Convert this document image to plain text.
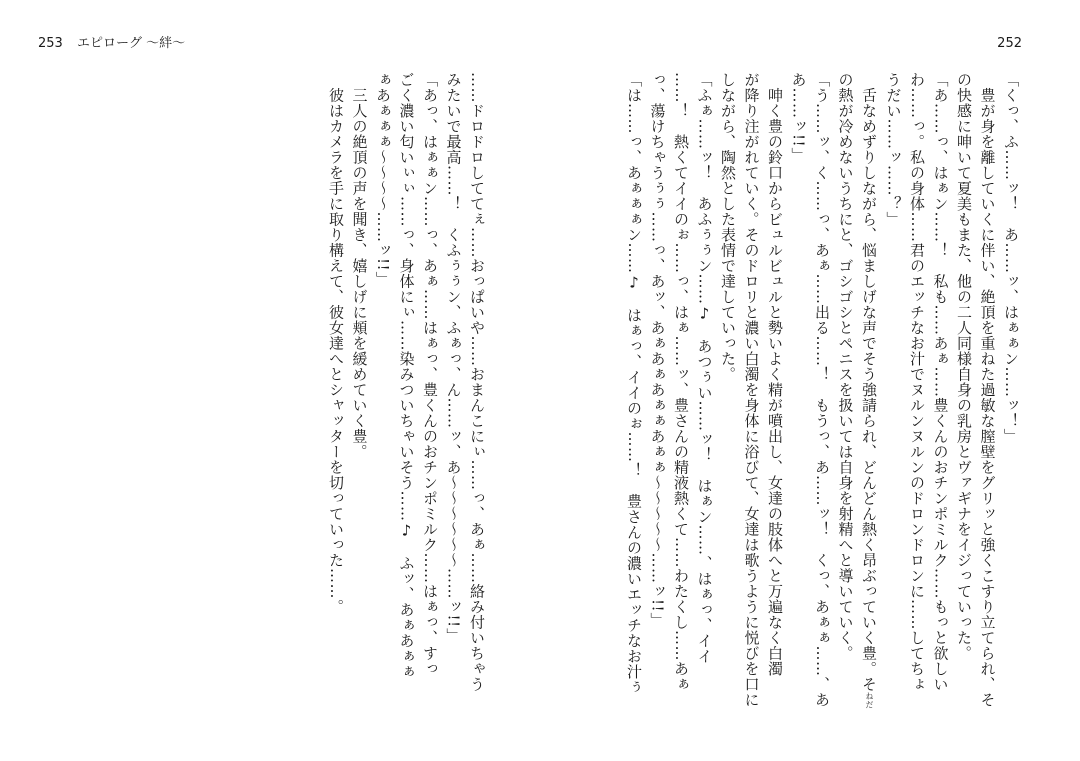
253 エピローグ 〜絆〜	252
「くっ、ふ……ッ！　あ……ッ、はぁぁン……ッ！」
　豊が身を離していくに伴い、絶頂を重ねた過敏な膣壁をグリッと強くこすり立てられ、そ
の快感に呻いて夏美もまた、他の二人同様自身の乳房とヴァギナをイジっていった。
「あ……っ、はぁン……！　私も……あぁ……豊くんのおチンポミルク……もっと欲しい
わ……っ。私の身体……君のエッチなお汁でヌルンヌルンのドロンドロンに……してちょ
うだい……ッ……？」
　舌なめずりしながら、悩ましげな声でそう強請られ、どんどん熱く昂ぶっていく豊。そねだ
の熱が冷めないうちにと、ゴシゴシとペニスを扱いては自身を射精へと導いていく。
「う……ッ、く……っ、あぁ……出る……！　もうっ、あ……ッ！　くっ、あぁぁ……、あ
あ……ッ!!」
　呻く豊の鈴口からビュルビュルと勢いよく精が噴出し、女達の肢体へと万遍なく白濁
が降り注がれていく。そのドロリと濃い白濁を身体に浴びて、女達は歌うように悦びを口に
しながら、陶然とした表情で達していった。
「ふぁ……ッ！　あふぅぅン……♪　あつぅい……ッ！　はぁン……、はぁっ、イイ
……！　熱くてイイのぉ……っ、はぁ……ッ、豊さんの精液熱くて……わたくし……あぁ
っ、蕩けちゃうぅぅ……っ、あッ、あぁあぁあぁぁあぁぁ〜〜〜〜〜……ッ!!」
「は……っ、あぁぁぁン……♪　はぁっ、イイのぉ……！　豊さんの濃いエッチなお汁ぅ
……ドロドロしててぇ……おっぱいや……おまんこにぃ……っ、あぁ……絡み付いちゃう
みたいで最高……！　くふぅぅン、ふぁっ、ん……ッ、あ〜〜〜〜〜〜……ッ!!」
「あっ、はぁぁン……っ、あぁ……はぁっ、豊くんのおチンポミルク……はぁっ、すっ
ごく濃い匂いぃぃ……っ、身体にぃ……染みついちゃいそう……♪　ふッ、あぁあぁぁ
ぁあぁぁぁ〜〜〜〜……ッ!!」
　三人の絶頂の声を聞き、嬉しげに頬を緩めていく豊。
　彼はカメラを手に取り構えて、彼女達へとシャッターを切っていった……。
